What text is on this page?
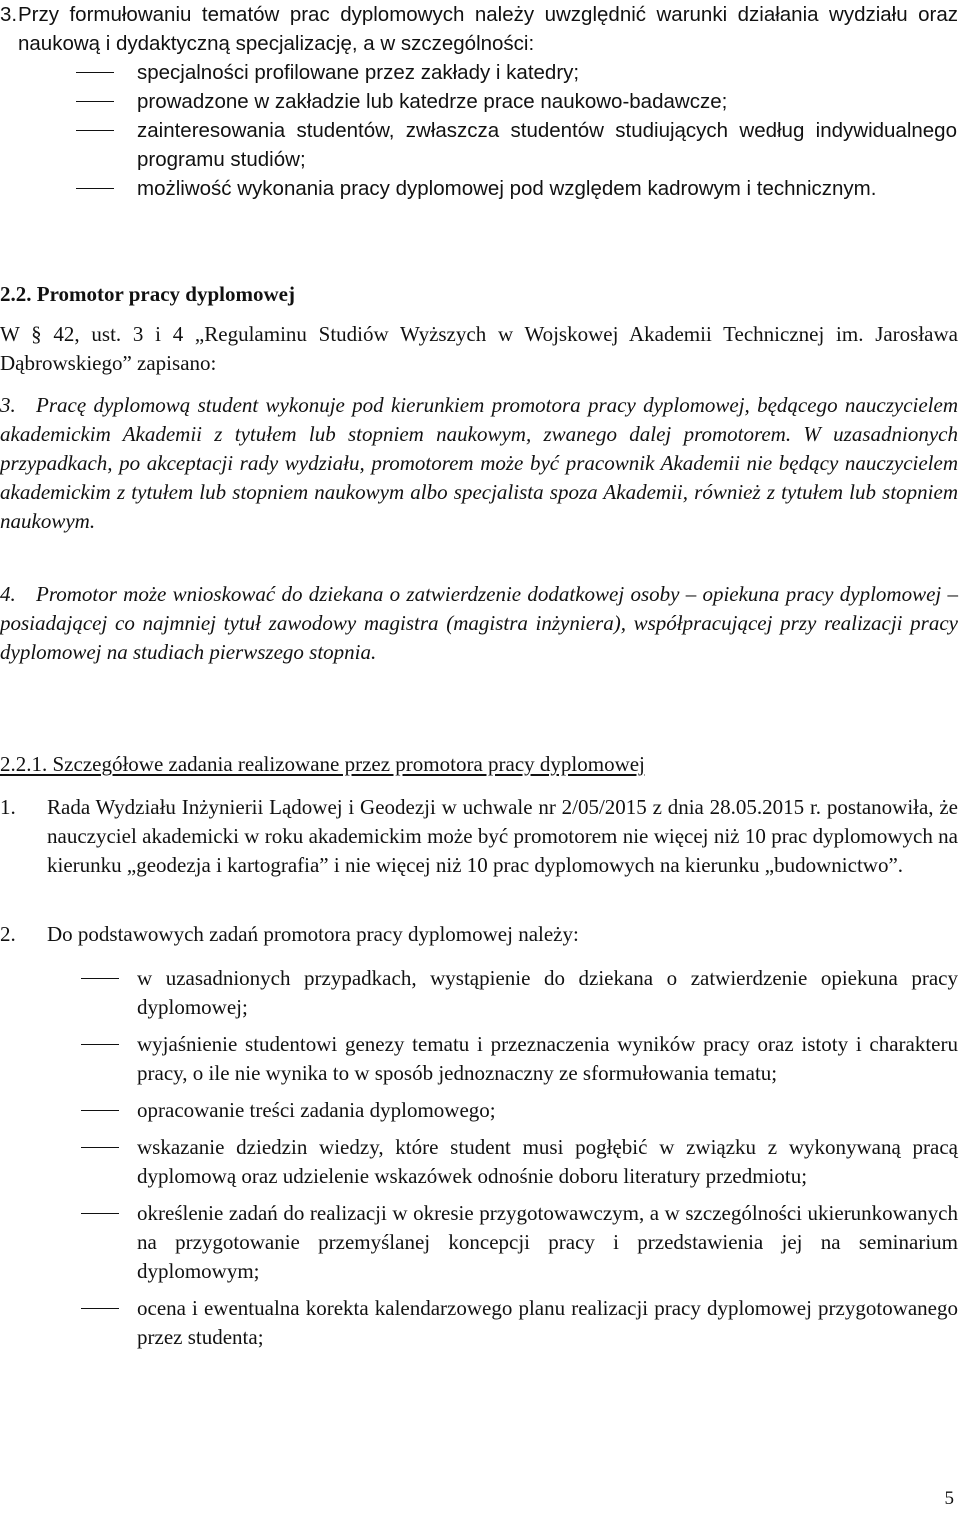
3. Przy formułowaniu tematów prac dyplomowych należy uwzględnić warunki działania wydziału oraz naukową i dydaktyczną specjalizację, a w szczególności:
specjalności profilowane przez zakłady i katedry;
prowadzone w zakładzie lub katedrze prace naukowo-badawcze;
zainteresowania studentów, zwłaszcza studentów studiujących według indywidualnego programu studiów;
możliwość wykonania pracy dyplomowej pod względem kadrowym i technicznym.
2.2. Promotor pracy dyplomowej
W § 42, ust. 3 i 4 „Regulaminu Studiów Wyższych w Wojskowej Akademii Technicznej im. Jarosława Dąbrowskiego” zapisano:
3. Pracę dyplomową student wykonuje pod kierunkiem promotora pracy dyplomowej, będącego nauczycielem akademickim Akademii z tytułem lub stopniem naukowym, zwanego dalej promotorem. W uzasadnionych przypadkach, po akceptacji rady wydziału, promotorem może być pracownik Akademii nie będący nauczycielem akademickim z tytułem lub stopniem naukowym albo specjalista spoza Akademii, również z tytułem lub stopniem naukowym.
4. Promotor może wnioskować do dziekana o zatwierdzenie dodatkowej osoby – opiekuna pracy dyplomowej – posiadającej co najmniej tytuł zawodowy magistra (magistra inżyniera), współpracującej przy realizacji pracy dyplomowej na studiach pierwszego stopnia.
2.2.1. Szczegółowe zadania realizowane przez promotora pracy dyplomowej
1. Rada Wydziału Inżynierii Lądowej i Geodezji w uchwale nr 2/05/2015 z dnia 28.05.2015 r. postanowiła, że nauczyciel akademicki w roku akademickim może być promotorem nie więcej niż 10 prac dyplomowych na kierunku „geodezja i kartografia” i nie więcej niż 10 prac dyplomowych na kierunku „budownictwo”.
2. Do podstawowych zadań promotora pracy dyplomowej należy:
w uzasadnionych przypadkach, wystąpienie do dziekana o zatwierdzenie opiekuna pracy dyplomowej;
wyjaśnienie studentowi genezy tematu i przeznaczenia wyników pracy oraz istoty i charakteru pracy, o ile nie wynika to w sposób jednoznaczny ze sformułowania tematu;
opracowanie treści zadania dyplomowego;
wskazanie dziedzin wiedzy, które student musi pogłębić w związku z wykonywaną pracą dyplomową oraz udzielenie wskazówek odnośnie doboru literatury przedmiotu;
określenie zadań do realizacji w okresie przygotowawczym, a w szczególności ukierunkowanych na przygotowanie przemyślanej koncepcji pracy i przedstawienia jej na seminarium dyplomowym;
ocena i ewentualna korekta kalendarzowego planu realizacji pracy dyplomowej przygotowanego przez studenta;
5
